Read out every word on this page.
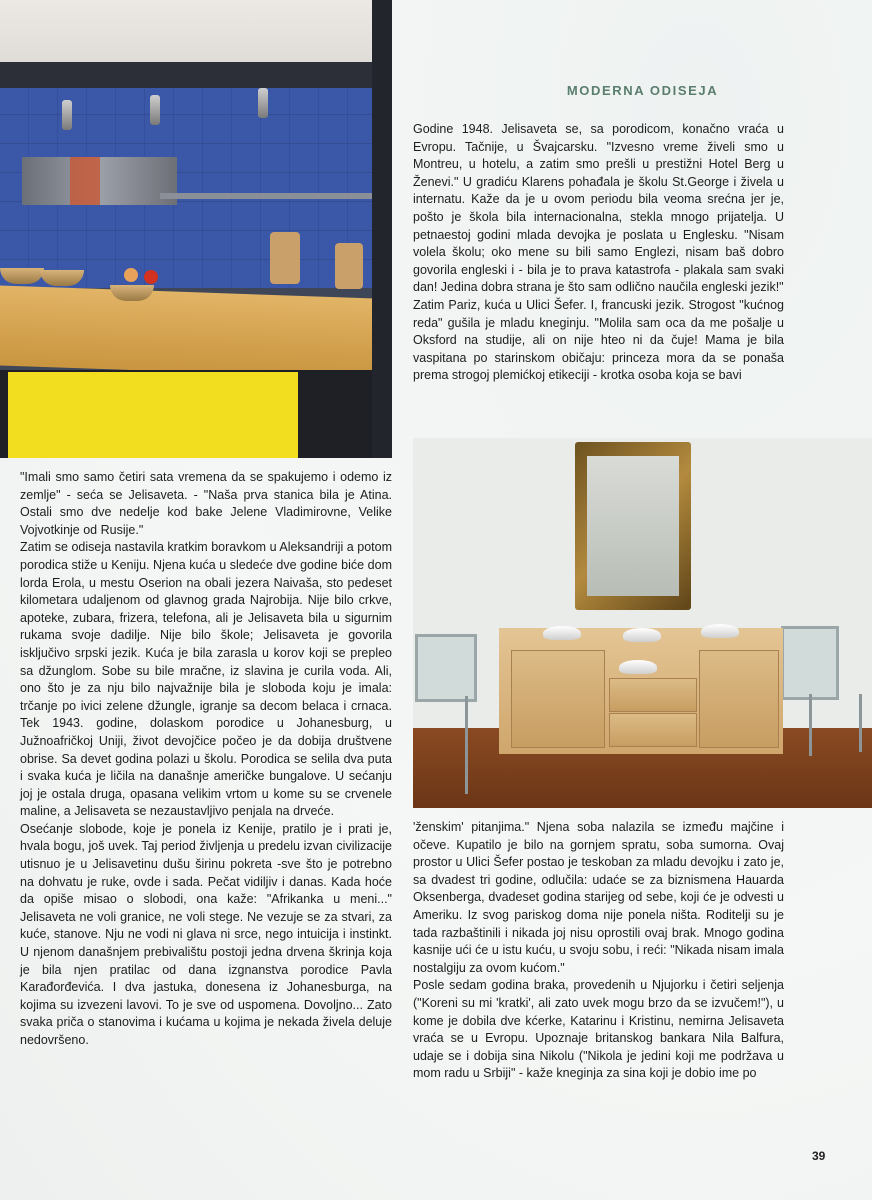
MODERNA ODISEJA

Godine 1948. Jelisaveta se, sa porodicom, konačno vraća u Evropu. Tačnije, u Švajcarsku. "Izvesno vreme živeli smo u Montreu, u hotelu, a zatim smo prešli u prestižni Hotel Berg u Ženevi." U gradiću Klarens pohađala je školu St.George i živela u internatu. Kaže da je u ovom periodu bila veoma srećna jer je, pošto je škola bila internacionalna, stekla mnogo prijatelja. U petnaestoj godini mlada devojka je poslata u Englesku. "Nisam volela školu; oko mene su bili samo Englezi, nisam baš dobro govorila engleski i - bila je to prava katastrofa - plakala sam svaki dan! Jedina dobra strana je što sam odlično naučila engleski jezik!"

Zatim Pariz, kuća u Ulici Šefer. I, francuski jezik. Strogost "kućnog reda" gušila je mladu kneginju. "Molila sam oca da me pošalje u Oksford na studije, ali on nije hteo ni da čuje! Mama je bila vaspitana po starinskom običaju: princeza mora da se ponaša prema strogoj plemićkoj etikeciji - krotka osoba koja se bavi

"Imali smo samo četiri sata vremena da se spakujemo i odemo iz zemlje" - seća se Jelisaveta. - "Naša prva stanica bila je Atina. Ostali smo dve nedelje kod bake Jelene Vladimirovne, Velike Vojvotkinje od Rusije."

Zatim se odiseja nastavila kratkim boravkom u Aleksandriji a potom porodica stiže u Keniju. Njena kuća u sledeće dve godine biće dom lorda Erola, u mestu Oserion na obali jezera Naivaša, sto pedeset kilometara udaljenom od glavnog grada Najrobija. Nije bilo crkve, apoteke, zubara, frizera, telefona, ali je Jelisaveta bila u sigurnim rukama svoje dadilje. Nije bilo škole; Jelisaveta je govorila isključivo srpski jezik. Kuća je bila zarasla u korov koji se preplео sa džunglom. Sobe su bile mračne, iz slavina je curila voda. Ali, ono što je za nju bilo najvažnije bila je sloboda koju je imala: trčanje po ivici zelene džungle, igranje sa decom belaca i crnaca. Tek 1943. godine, dolaskom porodice u Johanesburg, u Južnoafričkoj Uniji, život devojčice počeo je da dobija društvene obrise. Sa devet godina polazi u školu. Porodica se selila dva puta i svaka kuća je ličila na današnje američke bungalove. U sećanju joj je ostala druga, opasana velikim vrtom u kome su se crvenele maline, a Jelisaveta se nezaustavljivo penjala na drveće.

Osećanje slobode, koje je ponela iz Kenije, pratilo je i prati je, hvala bogu, još uvek. Taj period življenja u predelu izvan civilizacije utisnuo je u Jelisavetinu dušu širinu pokreta -sve što je potrebno na dohvatu je ruke, ovde i sada. Pečat vidiljiv i danas. Kada hoće da opiše misao o slobodi, ona kaže: "Afrikanka u meni..." Jelisaveta ne voli granice, ne voli stege. Ne vezuje se za stvari, za kuće, stanove. Nju ne vodi ni glava ni srce, nego intuicija i instinkt. U njenom današnjem prebivalištu postoji jedna drvena škrinja koja je bila njen pratilac od dana izgnanstva porodice Pavla Karađorđevića. I dva jastuka, donesena iz Johanesburga, na kojima su izvezeni lavovi. To je sve od uspomena. Dovoljno... Zato svaka priča o stanovima i kućama u kojima je nekada živela deluje nedovršeno.

'ženskim' pitanjima." Njena soba nalazila se između majčine i očeve. Kupatilo je bilo na gornjem spratu, soba sumorna. Ovaj prostor u Ulici Šefer postao je teskoban za mladu devojku i zato je, sa dvadest tri godine, odlučila: udaće se za biznismena Hauarda Oksenberga, dvadeset godina starijeg od sebe, koji će je odvesti u Ameriku. Iz svog pariskog doma nije ponela ništa. Roditelji su je tada razbaštinili i nikada joj nisu oprostili ovaj brak. Mnogo godina kasnije ući će u istu kuću, u svoju sobu, i reći: "Nikada nisam imala nostalgiju za ovom kućom."

Posle sedam godina braka, provedenih u Njujorku i četiri seljenja ("Koreni su mi 'kratki', ali zato uvek mogu brzo da se izvučem!"), u kome je dobila dve kćerke, Katarinu i Kristinu, nemirna Jelisaveta vraća se u Evropu. Upoznaje britanskog bankara Nila Balfura, udaje se i dobija sina Nikolu ("Nikola je jedini koji me podržava u mom radu u Srbiji" - kaže kneginja za sina koji je dobio ime po

39
